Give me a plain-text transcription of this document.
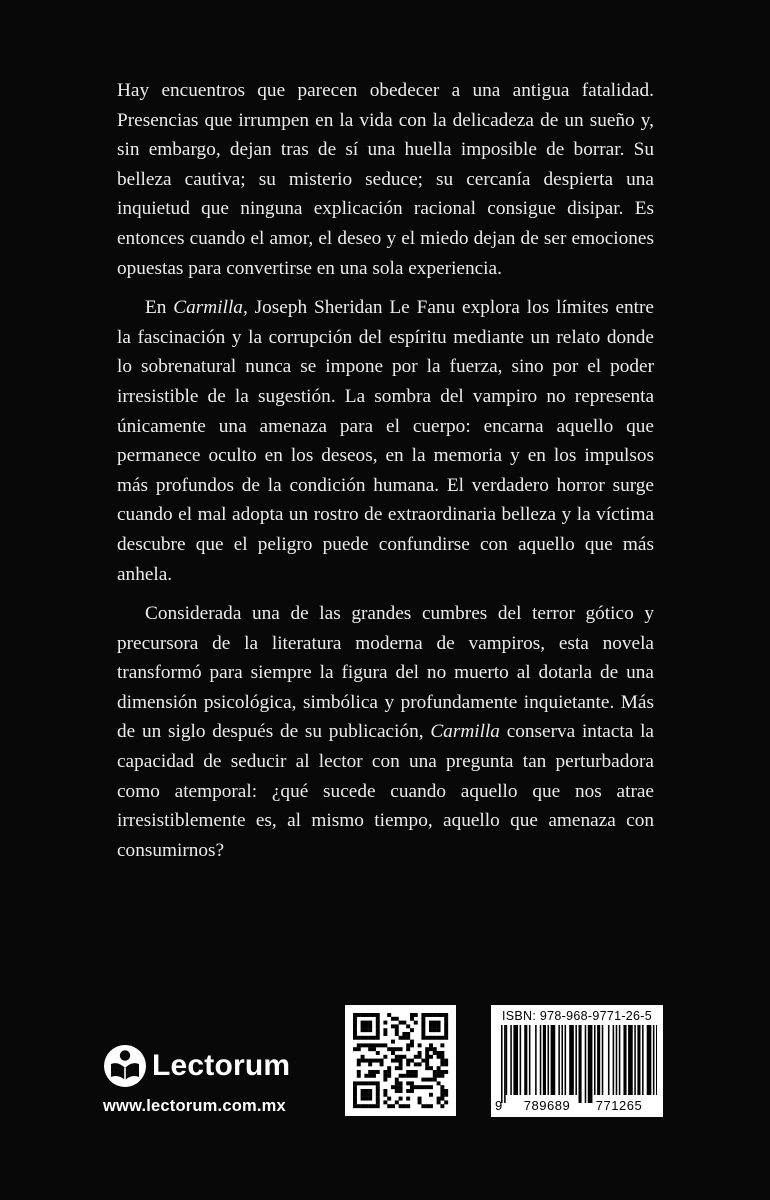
Hay encuentros que parecen obedecer a una antigua fatalidad. Presencias que irrumpen en la vida con la delicadeza de un sueño y, sin embargo, dejan tras de sí una huella imposible de borrar. Su belleza cautiva; su misterio seduce; su cercanía despierta una inquietud que ninguna explicación racional consigue disipar. Es entonces cuando el amor, el deseo y el miedo dejan de ser emociones opuestas para convertirse en una sola experiencia.

En Carmilla, Joseph Sheridan Le Fanu explora los límites entre la fascinación y la corrupción del espíritu mediante un relato donde lo sobrenatural nunca se impone por la fuerza, sino por el poder irresistible de la sugestión. La sombra del vampiro no representa únicamente una amenaza para el cuerpo: encarna aquello que permanece oculto en los deseos, en la memoria y en los impulsos más profundos de la condición humana. El verdadero horror surge cuando el mal adopta un rostro de extraordinaria belleza y la víctima descubre que el peligro puede confundirse con aquello que más anhela.

Considerada una de las grandes cumbres del terror gótico y precursora de la literatura moderna de vampiros, esta novela transformó para siempre la figura del no muerto al dotarla de una dimensión psicológica, simbólica y profundamente inquietante. Más de un siglo después de su publicación, Carmilla conserva intacta la capacidad de seducir al lector con una pregunta tan perturbadora como atemporal: ¿qué sucede cuando aquello que nos atrae irresistiblemente es, al mismo tiempo, aquello que amenaza con consumirnos?

Lectorum
www.lectorum.com.mx
ISBN: 978-968-9771-26-5
9	789689	771265
